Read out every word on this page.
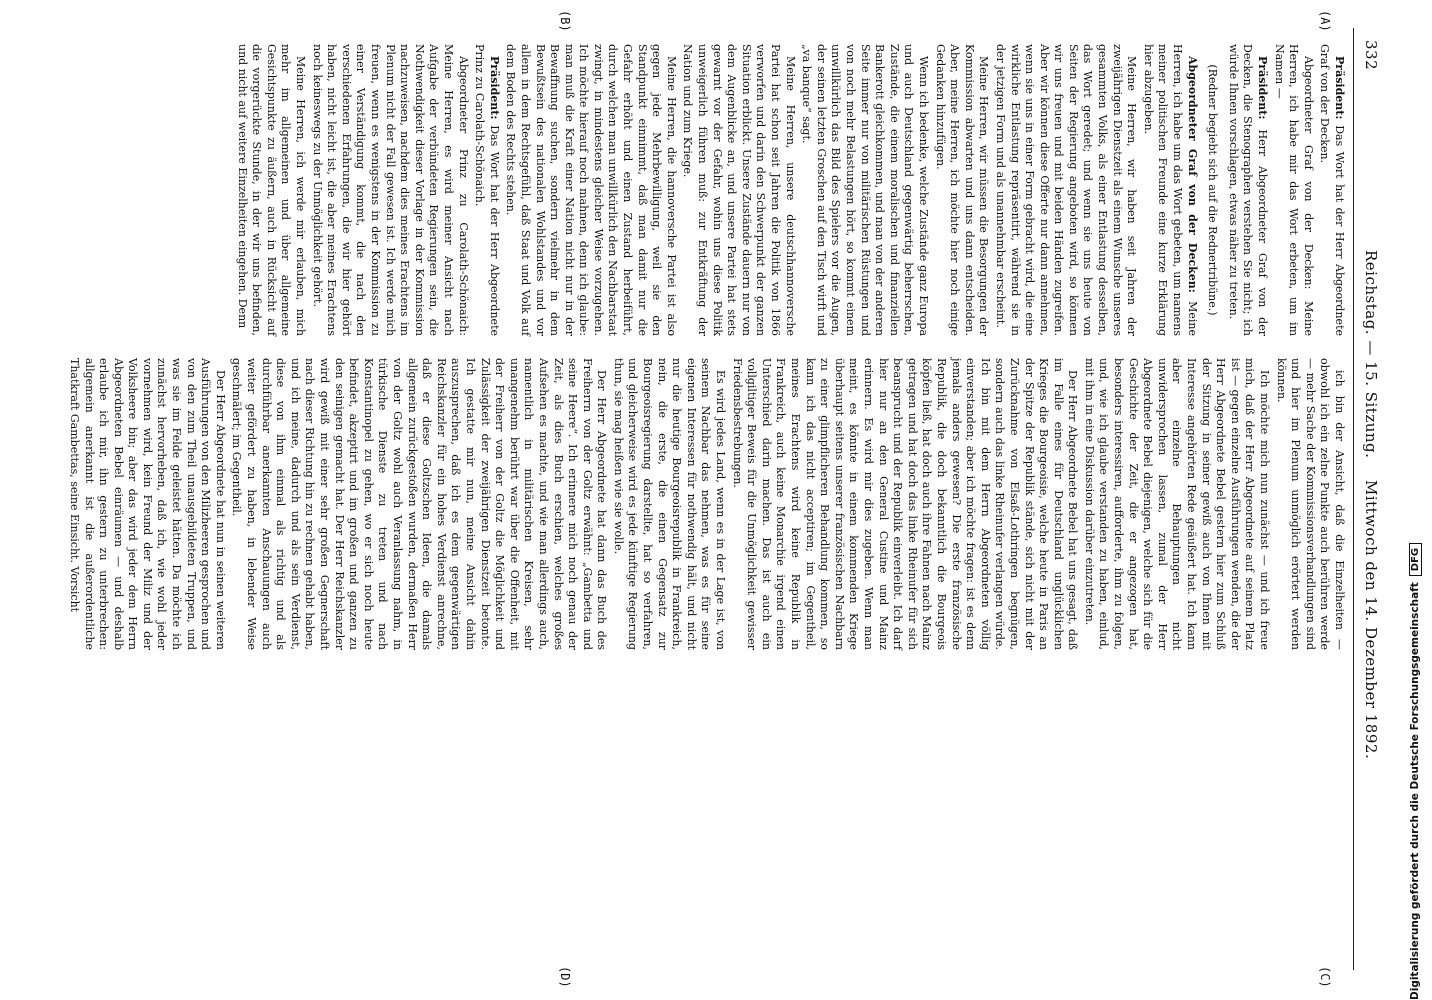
332
Reichstag. — 15. Sitzung.
Mittwoch den 14. Dezember 1892.
(A)
(B)
(C)
(D)

Präsident: Das Wort hat der Herr Abgeordnete Graf von der Decken.

Abgeordneter Graf von der Decken: Meine Herren, ich habe mir das Wort erbeten, um im Namen —

Präsident: Herr Abgeordneter Graf von der Decken, die Stenographen verstehen Sie nicht; ich würde Ihnen vorschlagen, etwas näher zu treten.

(Redner begiebt sich auf die Rednertribüne.)

Abgeordneter Graf von der Decken: Meine Herren, ich habe um das Wort gebeten, um namens meiner politischen Freunde eine kurze Erklärung hier abzugeben.

Meine Herren, wir haben seit Jahren der zweijährigen Dienstzeit als einem Wunsche unseres gesammten Volks, als einer Entlastung desselben, das Wort geredet; und wenn sie uns heute von Seiten der Regierung angeboten wird, so können wir uns freuen und mit beiden Händen zugreifen. Aber wir können diese Offerte nur dann annehmen, wenn sie uns in einer Form gebracht wird, die eine wirkliche Entlastung repräsentirt, während sie in der jetzigen Form und als unannehmbar erscheint.

Meine Herren, wir müssen die Besorgungen der Kommission abwarten und uns dann entscheiden. Aber, meine Herren, ich möchte hier noch einige Gedanken hinzufügen.

Wenn ich bedenke, welche Zustände ganz Europa und auch Deutschland gegenwärtig beherrschen, Zustände, die einem moralischen und finanziellen Bankerott gleichkommen, und man von der anderen Seite immer nur von militärischen Rüstungen und von noch mehr Belastungen hört, so kommt einem unwillkürlich das Bild des Spielers vor die Augen, der seinen letzten Groschen auf den Tisch wirft und „va banque“ sagt.

Meine Herren, unsere deutschhannoversche Partei hat schon seit Jahren die Politik von 1866 verworfen und darin den Schwerpunkt der ganzen Situation erblickt. Unsere Zustände dauern nur von dem Augenblicke an, und unsere Partei hat stets gewarnt vor der Gefahr, wohin uns diese Politik unweigerlich führen muß: zur Entkräftung der Nation und zum Kriege.

Meine Herren, die hannoversche Partei ist also gegen jede Mehrbewilligung, weil sie den Standpunkt einnimmt, daß man damit nur die Gefahr erhöht und einen Zustand herbeiführt, durch welchen man unwillkürlich den Nachbarstaat zwingt, in mindestens gleicher Weise vorzugehen. Ich möchte hierauf noch mahnen, denn ich glaube: man muß die Kraft einer Nation nicht nur in der Bewaffnung suchen, sondern vielmehr in dem Bewußtsein des nationalen Wohlstandes und vor allem in dem Rechtsgefühl, daß Staat und Volk auf dem Boden des Rechts stehen.

Präsident: Das Wort hat der Herr Abgeordnete Prinz zu Carolath-Schönaich.

Abgeordneter Prinz zu Carolath-Schönaich: Meine Herren, es wird meiner Ansicht nach Aufgabe der verbündeten Regierungen sein, die Nothwendigkeit dieser Vorlage in der Kommission nachzuweisen, nachdem dies meines Erachtens im Plenum nicht der Fall gewesen ist. Ich werde mich freuen, wenn es wenigstens in der Kommission zu einer Verständigung kommt, die nach den verschiedenen Erfahrungen, die wir hier gehört haben, nicht leicht ist, die aber meines Erachtens noch keineswegs zu der Unmöglichkeit gehört.

Meine Herren, ich werde mir erlauben, mich mehr im allgemeinen und über allgemeine Gesichtspunkte zu äußern, auch in Rücksicht auf die vorgerückte Stunde, in der wir uns befinden, und nicht auf weitere Einzelheiten eingehen. Denn

ich bin der Ansicht, daß die Einzelheiten — obwohl ich ein zelne Punkte auch berühren werde — mehr Sache der Kommissionsverhandlungen sind und hier im Plenum unmöglich erörtert werden können.

Ich möchte mich nun zunächst — und ich freue mich, daß der Herr Abgeordnete auf seinem Platz ist — gegen einzelne Ausführungen wenden, die der Herr Abgeordnete Bebel gestern hier zum Schluß der Sitzung in seiner gewiß auch von Ihnen mit Interesse angehörten Rede geäußert hat. Ich kann aber einzelne Behauptungen nicht unwidersprochen lassen, zumal der Herr Abgeordnete Bebel diejenigen, welche sich für die Geschichte der Zeit, die er angezogen hat, besonders interessiren, aufforderte, ihm zu folgen, und, wie ich glaube verstanden zu haben, einlud, mit ihm in eine Diskussion darüber einzutreten.

Der Herr Abgeordnete Bebel hat uns gesagt, daß im Falle eines für Deutschland unglücklichen Krieges die Bourgeoisie, welche heute in Paris an der Spitze der Republik stände, sich nicht mit der Zurücknahme von Elsaß-Lothringen begnügen, sondern auch das linke Rheinufer verlangen würde. Ich bin mit dem Herrn Abgeordneten völlig einverstanden; aber ich möchte fragen: ist es denn jemals anders gewesen? Die erste französische Republik, die doch bekanntlich die Bourgeois köpfen ließ, hat doch auch ihre Fahnen nach Mainz getragen und hat doch das linke Rheinufer für sich beansprucht und der Republik einverleibt. Ich darf hier nur an den General Custine und Mainz erinnern. Es wird mir dies zugeben. Wenn man meint, es könnte in einem kommenden Kriege überhaupt seitens unserer französischen Nachbarn zu einer glimpflicheren Behandlung kommen, so kann ich das nicht acceptiren; im Gegentheil, meines Erachtens wird keine Republik in Frankreich, auch keine Monarchie irgend einen Unterschied darin machen. Das ist auch ein vollgiltiger Beweis für die Unmöglichkeit gewisser Friedensbestrebungen.

Es wird jedes Land, wenn es in der Lage ist, von seinem Nachbar das nehmen, was es für seine eigenen Interessen für nothwendig hält, und nicht nur die heutige Bourgeoisrepublik in Frankreich, nein, die erste, die einen Gegensatz zur Bourgeoisregierung darstellte, hat so verfahren, und gleicherweise wird es jede künftige Regierung thun, sie mag heißen wie sie wolle.

Der Herr Abgeordnete hat dann das Buch des Freiherrn von der Goltz erwähnt: „Gambetta und seine Heere“. Ich erinnere mich noch genau der Zeit, als dies Buch erschien, welches großes Aufsehen es machte, und wie man allerdings auch, namentlich in militärischen Kreisen, sehr unangenehm berührt war über die Offenheit, mit der Freiherr von der Goltz die Möglichkeit und Zulässigkeit der zweijährigen Dienstzeit betonte. Ich gestatte mir nun, meine Ansicht dahin auszusprechen, daß ich es dem gegenwärtigen Reichskanzler für ein hohes Verdienst anrechne, daß er diese Goltzschen Ideen, die damals allgemein zurückgestoßen wurden, dermaßen Herr von der Goltz wohl auch Veranlassung nahm, in türkische Dienste zu treten und nach Konstantinopel zu gehen, wo er sich noch heute befindet, akzeptirt und im großen und ganzen zu den seinigen gemacht hat. Der Herr Reichskanzler wird gewiß mit einer sehr großen Gegnerschaft nach dieser Richtung hin zu rechnen gehabt haben, und ich meine, dadurch und als sein Verdienst, diese von ihm einmal als richtig und als durchführbar anerkannten Anschauungen auch weiter gefördert zu haben, in lebender Weise geschmälert; im Gegentheil.

Der Herr Abgeordnete hat nun in seinen weiteren Ausführungen von den Milizheeren gesprochen und von den zum Theil unausgebildeten Truppen, und was sie im Felde geleistet hätten. Da möchte ich zunächst hervorheben, daß ich, wie wohl jeder vornehmen wird, kein Freund der Miliz und der Volksheere bin; aber das wird jeder dem Herrn Abgeordneten Bebel einräumen — und deshalb erlaube ich mir, ihn gestern zu unterbrechen: allgemein anerkannt ist die außerordentliche Thatkraft Gambettas, seine Einsicht. Vorsicht

Digitalisierung gefördert durch die Deutsche Forschungsgemeinschaft
DFG
